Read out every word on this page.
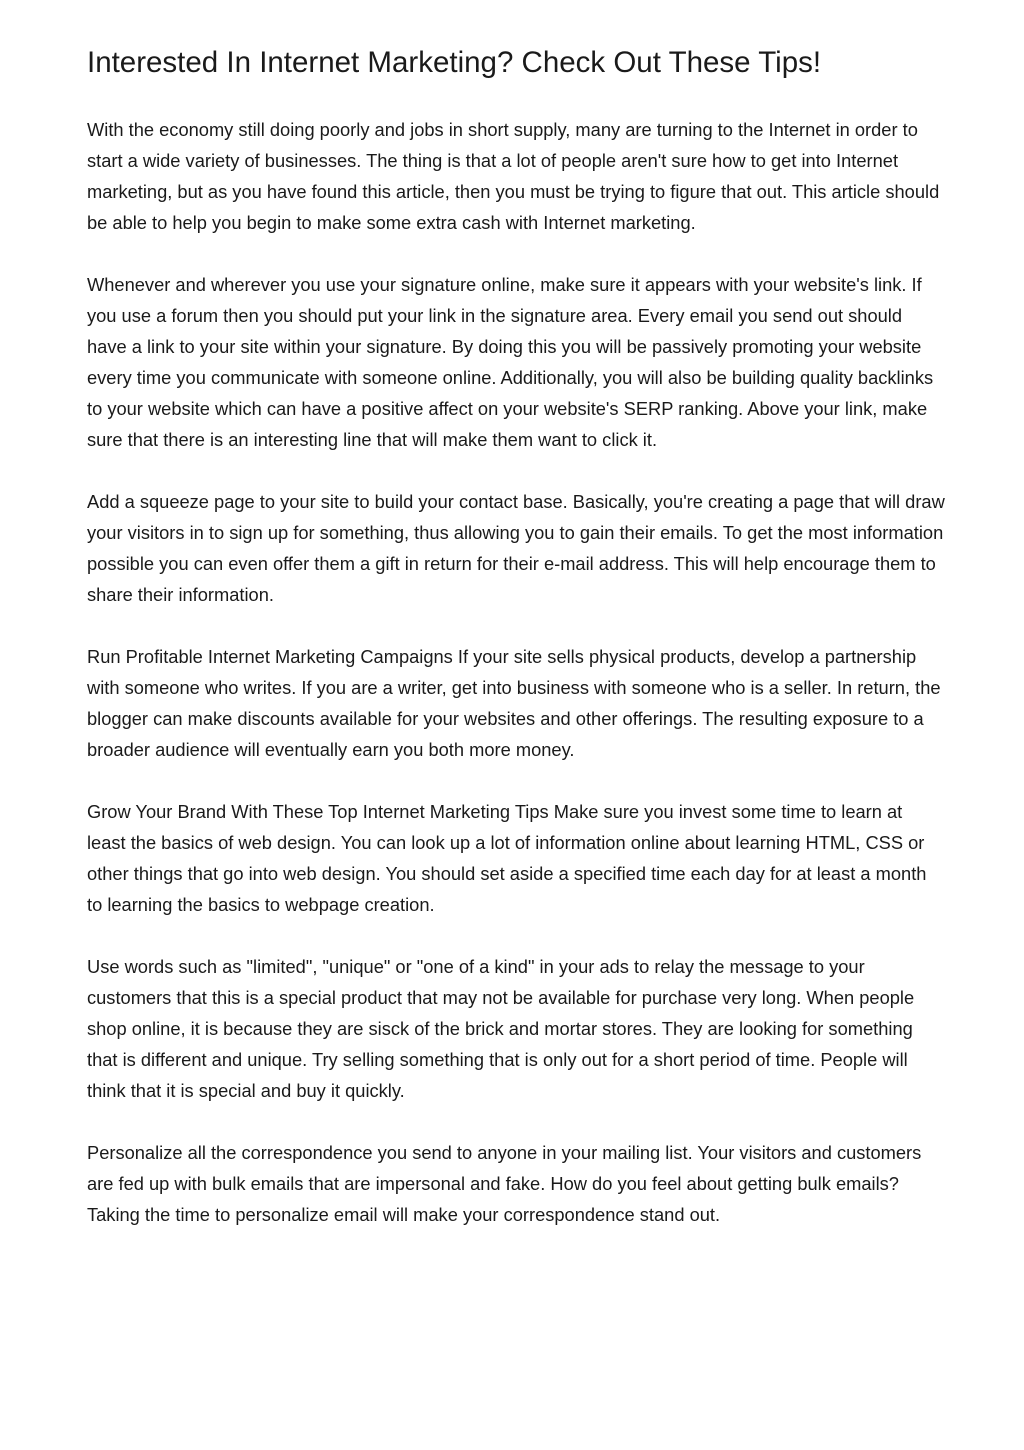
Interested In Internet Marketing? Check Out These Tips!

With the economy still doing poorly and jobs in short supply, many are turning to the Internet in order to start a wide variety of businesses. The thing is that a lot of people aren't sure how to get into Internet marketing, but as you have found this article, then you must be trying to figure that out. This article should be able to help you begin to make some extra cash with Internet marketing.

Whenever and wherever you use your signature online, make sure it appears with your website's link. If you use a forum then you should put your link in the signature area. Every email you send out should have a link to your site within your signature. By doing this you will be passively promoting your website every time you communicate with someone online. Additionally, you will also be building quality backlinks to your website which can have a positive affect on your website's SERP ranking. Above your link, make sure that there is an interesting line that will make them want to click it.

Add a squeeze page to your site to build your contact base. Basically, you're creating a page that will draw your visitors in to sign up for something, thus allowing you to gain their emails. To get the most information possible you can even offer them a gift in return for their e-mail address. This will help encourage them to share their information.

Run Profitable Internet Marketing Campaigns If your site sells physical products, develop a partnership with someone who writes. If you are a writer, get into business with someone who is a seller. In return, the blogger can make discounts available for your websites and other offerings. The resulting exposure to a broader audience will eventually earn you both more money.

Grow Your Brand With These Top Internet Marketing Tips Make sure you invest some time to learn at least the basics of web design. You can look up a lot of information online about learning HTML, CSS or other things that go into web design. You should set aside a specified time each day for at least a month to learning the basics to webpage creation.

Use words such as "limited", "unique" or "one of a kind" in your ads to relay the message to your customers that this is a special product that may not be available for purchase very long. When people shop online, it is because they are sisck of the brick and mortar stores. They are looking for something that is different and unique. Try selling something that is only out for a short period of time. People will think that it is special and buy it quickly.

Personalize all the correspondence you send to anyone in your mailing list. Your visitors and customers are fed up with bulk emails that are impersonal and fake. How do you feel about getting bulk emails? Taking the time to personalize email will make your correspondence stand out.
